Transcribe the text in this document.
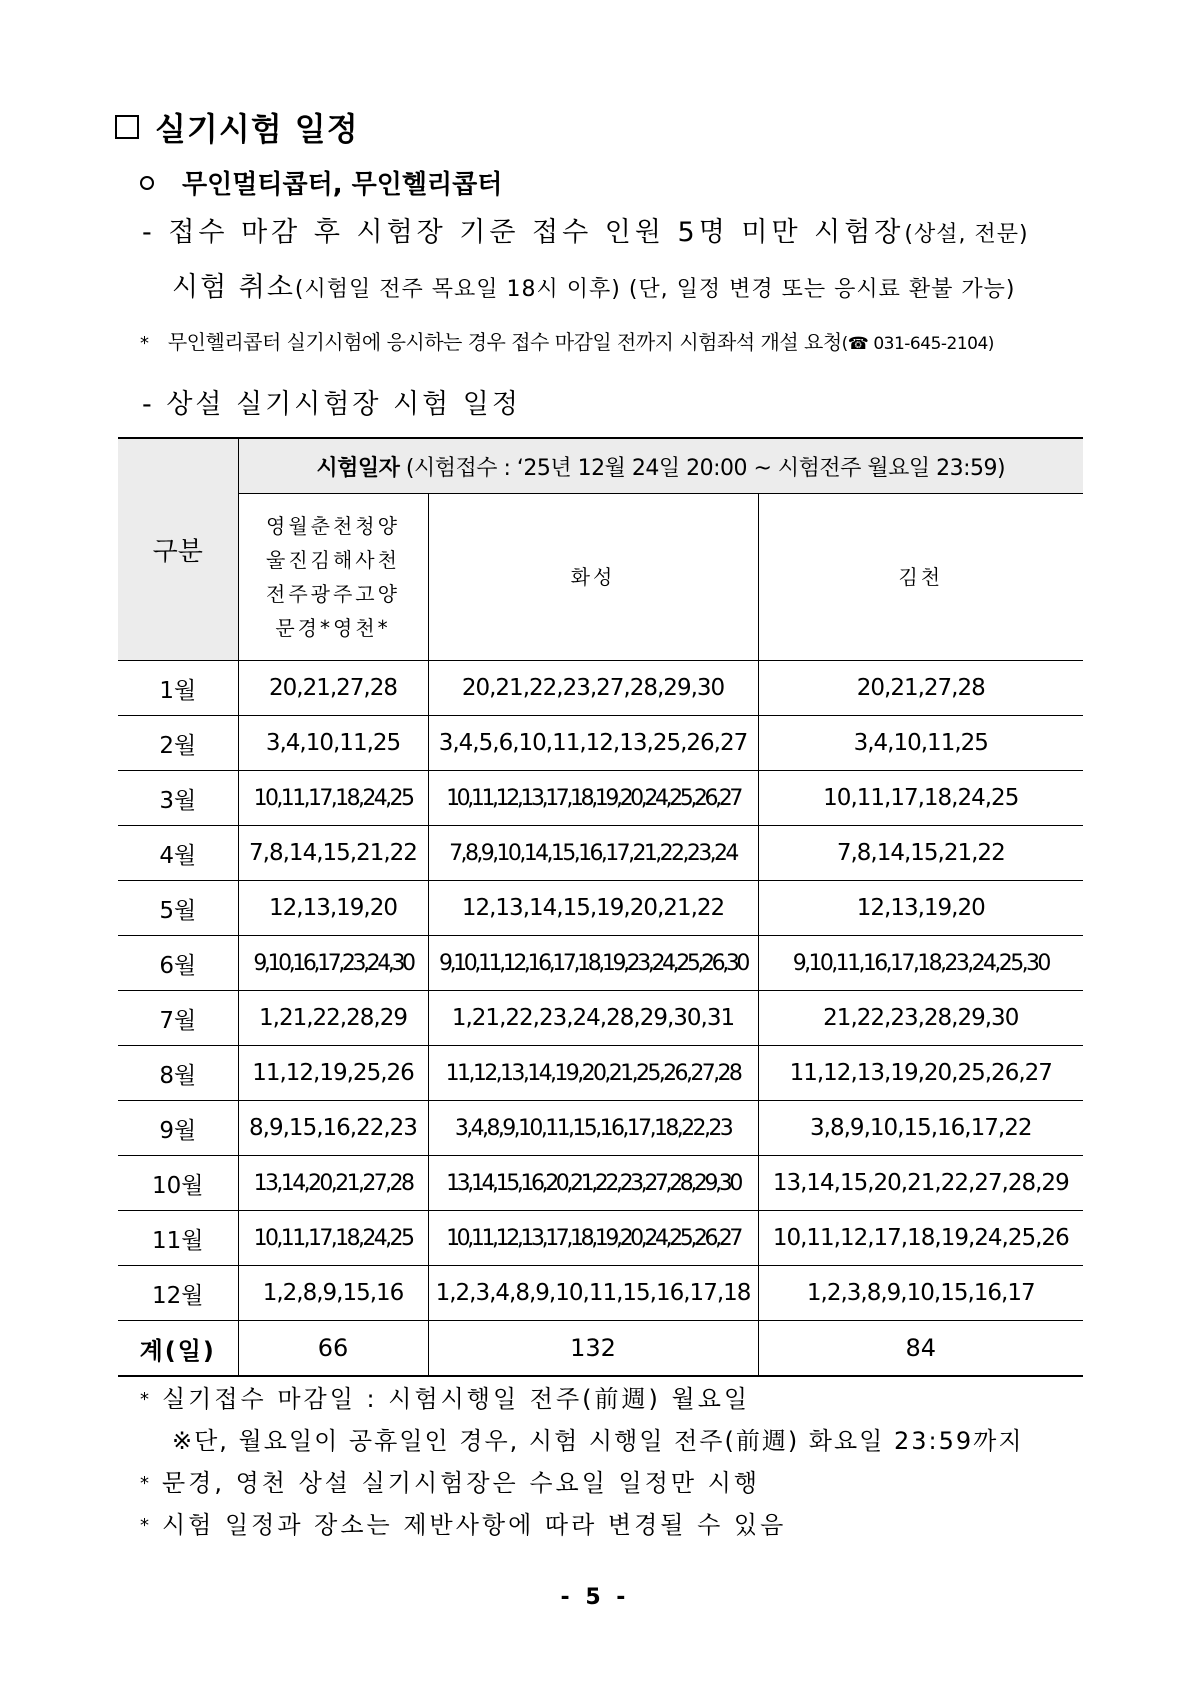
실기시험 일정
무인멀티콥터, 무인헬리콥터
- 접수 마감 후 시험장 기준 접수 인원 5명 미만 시험장(상설, 전문)
시험 취소(시험일 전주 목요일 18시 이후) (단, 일정 변경 또는 응시료 환불 가능)
* 무인헬리콥터 실기시험에 응시하는 경우 접수 마감일 전까지 시험좌석 개설 요청(☎ 031-645-2104)
- 상설 실기시험장 시험 일정
구분	시험일자 (시험접수 : ‘25년 12월 24일 20:00 ~ 시험전주 월요일 23:59)		

	영월춘천청양
울진김해사천
전주광주고양
문경*영천*	화성	김천
1월	20,21,27,28	20,21,22,23,27,28,29,30	20,21,27,28
2월	3,4,10,11,25	3,4,5,6,10,11,12,13,25,26,27	3,4,10,11,25
3월	10,11,17,18,24,25	10,11,12,13,17,18,19,20,24,25,26,27	10,11,17,18,24,25
4월	7,8,14,15,21,22	7,8,9,10,14,15,16,17,21,22,23,24	7,8,14,15,21,22
5월	12,13,19,20	12,13,14,15,19,20,21,22	12,13,19,20
6월	9,10,16,17,23,24,30	9,10,11,12,16,17,18,19,23,24,25,26,30	9,10,11,16,17,18,23,24,25,30
7월	1,21,22,28,29	1,21,22,23,24,28,29,30,31	21,22,23,28,29,30
8월	11,12,19,25,26	11,12,13,14,19,20,21,25,26,27,28	11,12,13,19,20,25,26,27
9월	8,9,15,16,22,23	3,4,8,9,10,11,15,16,17,18,22,23	3,8,9,10,15,16,17,22
10월	13,14,20,21,27,28	13,14,15,16,20,21,22,23,27,28,29,30	13,14,15,20,21,22,27,28,29
11월	10,11,17,18,24,25	10,11,12,13,17,18,19,20,24,25,26,27	10,11,12,17,18,19,24,25,26
12월	1,2,8,9,15,16	1,2,3,4,8,9,10,11,15,16,17,18	1,2,3,8,9,10,15,16,17
계(일)	66	132	84
* 실기접수 마감일 : 시험시행일 전주(前週) 월요일
※단, 월요일이 공휴일인 경우, 시험 시행일 전주(前週) 화요일 23:59까지
* 문경, 영천 상설 실기시험장은 수요일 일정만 시행
* 시험 일정과 장소는 제반사항에 따라 변경될 수 있음
- 5 -
